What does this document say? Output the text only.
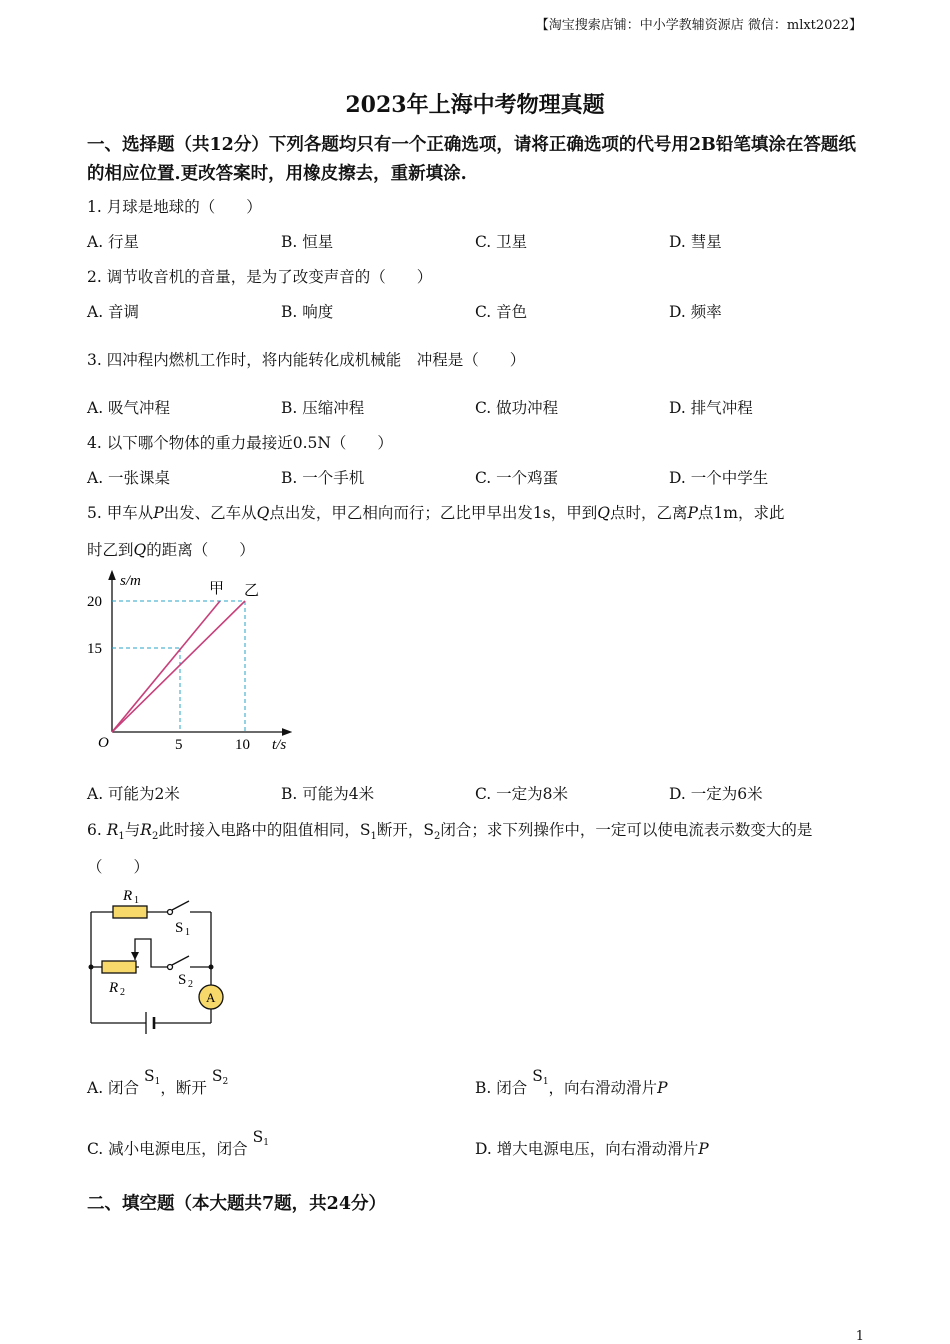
【淘宝搜索店铺：中小学教辅资源店 微信：mlxt2022】
2023年上海中考物理真题
一、选择题（共12分）下列各题均只有一个正确选项，请将正确选项的代号用2B铅笔填涂在答题纸的相应位置.更改答案时，用橡皮擦去，重新填涂.
1. 月球是地球的（　　）
A. 行星	B. 恒星	C. 卫星	D. 彗星
2. 调节收音机的音量，是为了改变声音的（　　）
A. 音调	B. 响度	C. 音色	D. 频率
3. 四冲程内燃机工作时，将内能转化成机械能　冲程是（　　）
A. 吸气冲程	B. 压缩冲程	C. 做功冲程	D. 排气冲程
4. 以下哪个物体的重力最接近0.5N（　　）
A. 一张课桌	B. 一个手机	C. 一个鸡蛋	D. 一个中学生
5. 甲车从P出发、乙车从Q点出发，甲乙相向而行；乙比甲早出发1s，甲到Q点时，乙离P点1m，求此
时乙到Q的距离（　　）
s/m
20
15
O	5	10 t/s
甲 乙
A. 可能为2米	B. 可能为4米	C. 一定为8米	D. 一定为6米
6. $R_1$与$R_2$此时接入电路中的阻值相同，$S_1$断开，$S_2$闭合；求下列操作中，一定可以使电流表示数变大的是
（　　）
R 1
S 1
R 2
S 2
A
A. 闭合 $S^1$，断开 $S^2$	B. 闭合 $S^1$，向右滑动滑片P
C. 减小电源电压，闭合 $S^1$	D. 增大电源电压，向右滑动滑片P
二、填空题（本大题共7题，共24分）
1
